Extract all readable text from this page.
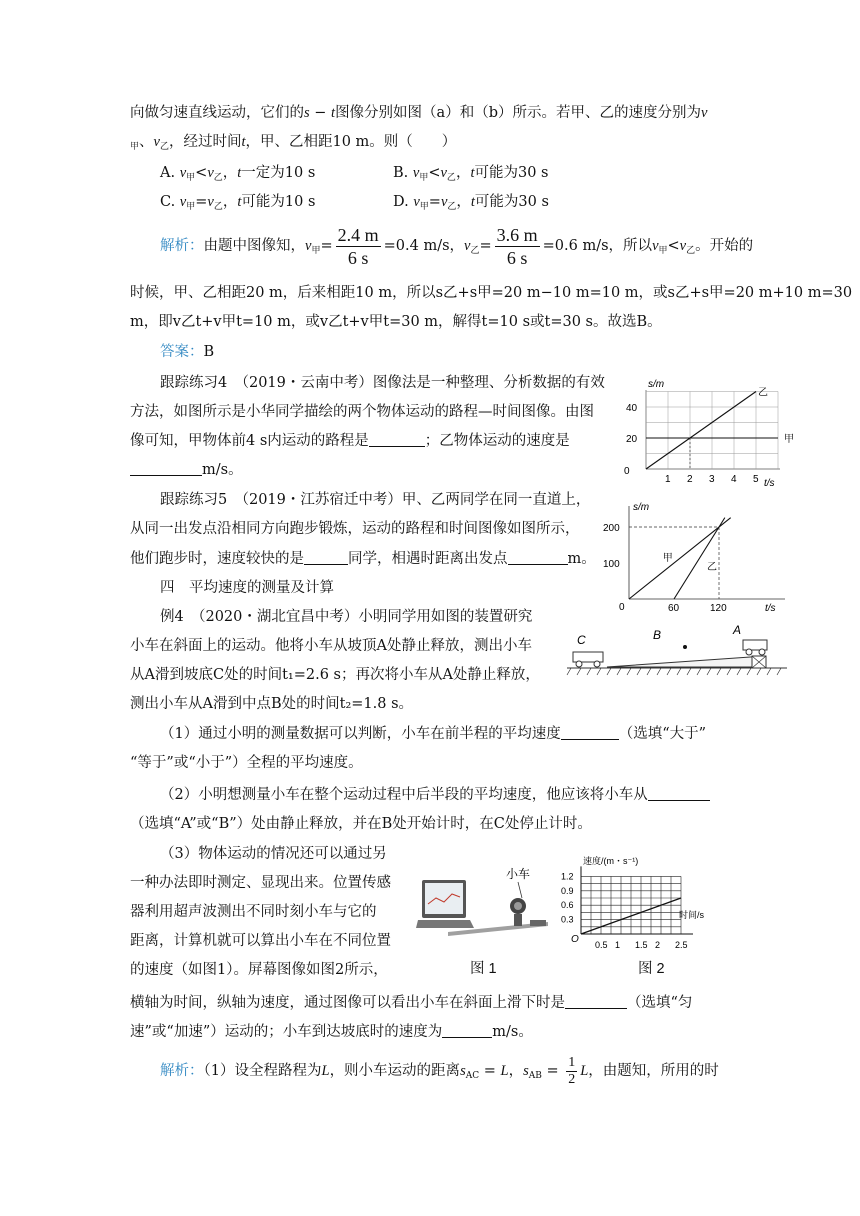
向做匀速直线运动，它们的s − t图像分别如图（a）和（b）所示。若甲、乙的速度分别为v
$_甲$、$v_乙$，经过时间t，甲、乙相距10 m。则（　　）
A. $v_甲<v_乙$，t一定为10 s	B. $v_甲<v_乙$，t可能为30 s
C. $v_甲=v_乙$，t可能为10 s	D. $v_甲=v_乙$，t可能为30 s
解析：由题中图像知，$v_甲= \frac{2.4 m}{6 s} =0.4$ m/s，$v_乙= \frac{3.6 m}{6 s} =0.6$ m/s，所以$v_甲<v_乙$。开始的
时候，甲、乙相距20 m，后来相距10 m，所以s乙+s甲=20 m−10 m=10 m，或s乙+s甲=20 m+10 m=30
m，即v乙t+v甲t=10 m，或v乙t+v甲t=30 m，解得t=10 s或t=30 s。故选B。
答案：B
跟踪练习4　（2019・云南中考）图像法是一种整理、分析数据的有效
方法，如图所示是小华同学描绘的两个物体运动的路程—时间图像。由图
像可知，甲物体前4 s内运动的路程是	；乙物体运动的速度是
m/s。
跟踪练习5　（2019・江苏宿迁中考）甲、乙两同学在同一直道上，
从同一出发点沿相同方向跑步锻炼，运动的路程和时间图像如图所示，
他们跑步时，速度较快的是	同学，相遇时距离出发点	m。
四　平均速度的测量及计算
例4　（2020・湖北宜昌中考）小明同学用如图的装置研究
小车在斜面上的运动。他将小车从坡顶A处静止释放，测出小车
从A滑到坡底C处的时间t₁=2.6 s；再次将小车从A处静止释放，
测出小车从A滑到中点B处的时间t₂=1.8 s。
（1）通过小明的测量数据可以判断，小车在前半程的平均速度	（选填“大于”
“等于”或“小于”）全程的平均速度。
（2）小明想测量小车在整个运动过程中后半段的平均速度，他应该将小车从
（选填“A”或“B”）处由静止释放，并在B处开始计时，在C处停止计时。
（3）物体运动的情况还可以通过另
一种办法即时测定、显现出来。位置传感
器利用超声波测出不同时刻小车与它的
距离，计算机就可以算出小车在不同位置
的速度（如图1）。屏幕图像如图2所示，
横轴为时间，纵轴为速度，通过图像可以看出小车在斜面上滑下时是	（选填“匀
速”或“加速”）运动的；小车到达坡底时的速度为	m/s。
解析：（1）设全程路程为L，则小车运动的距离$s_{AC} = L$，$s_{AB} = \frac{1}{2}$ L，由题知，所用的时
1 2 3 4 5
20
40
甲
乙
0
s/m
t/s
60	120
100
200
甲
乙
0
s/m
t/s
C	B	A
小车
图 1
0.5 1 1.5 2 2.5
0.3
0.6
0.9
1.2
速度/(m・s⁻¹)
时间/s
O
图 2
